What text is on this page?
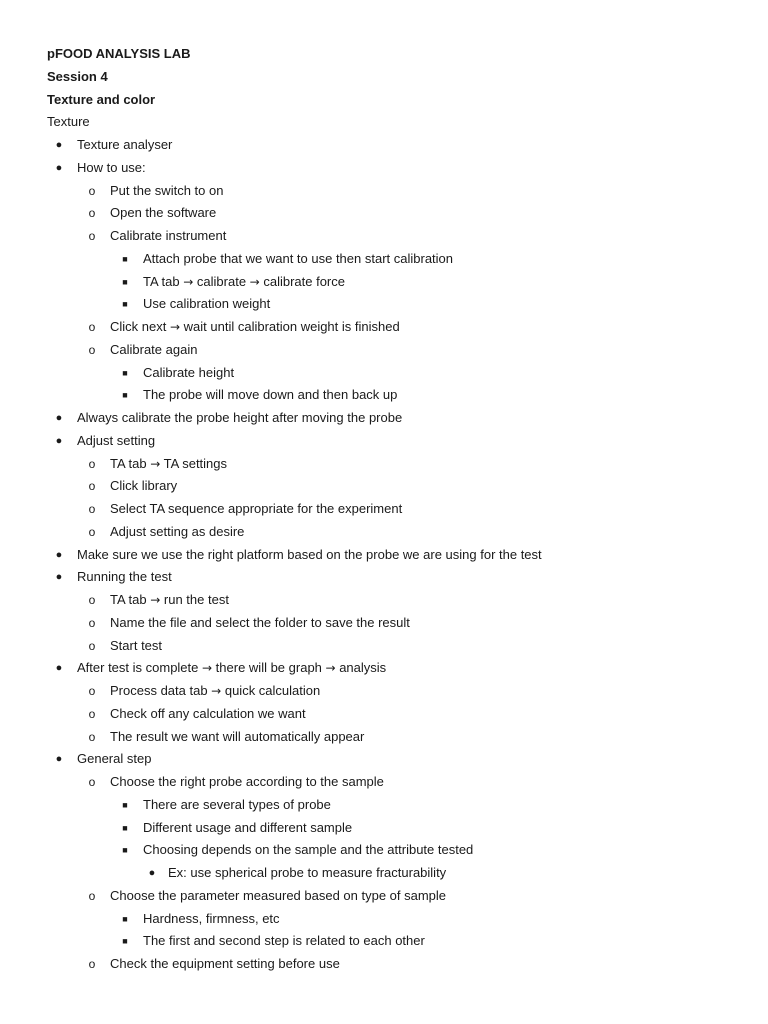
pFOOD ANALYSIS LAB
Session 4
Texture and color
Texture
● Texture analyser
● How to use:
o Put the switch to on
o Open the software
o Calibrate instrument
■ Attach probe that we want to use then start calibration
■ TA tab → calibrate → calibrate force
■ Use calibration weight
o Click next → wait until calibration weight is finished
o Calibrate again
■ Calibrate height
■ The probe will move down and then back up
● Always calibrate the probe height after moving the probe
● Adjust setting
o TA tab → TA settings
o Click library
o Select TA sequence appropriate for the experiment
o Adjust setting as desire
● Make sure we use the right platform based on the probe we are using for the test
● Running the test
o TA tab → run the test
o Name the file and select the folder to save the result
o Start test
● After test is complete → there will be graph → analysis
o Process data tab → quick calculation
o Check off any calculation we want
o The result we want will automatically appear
● General step
o Choose the right probe according to the sample
■ There are several types of probe
■ Different usage and different sample
■ Choosing depends on the sample and the attribute tested
● Ex: use spherical probe to measure fracturability
o Choose the parameter measured based on type of sample
■ Hardness, firmness, etc
■ The first and second step is related to each other
o Check the equipment setting before use
